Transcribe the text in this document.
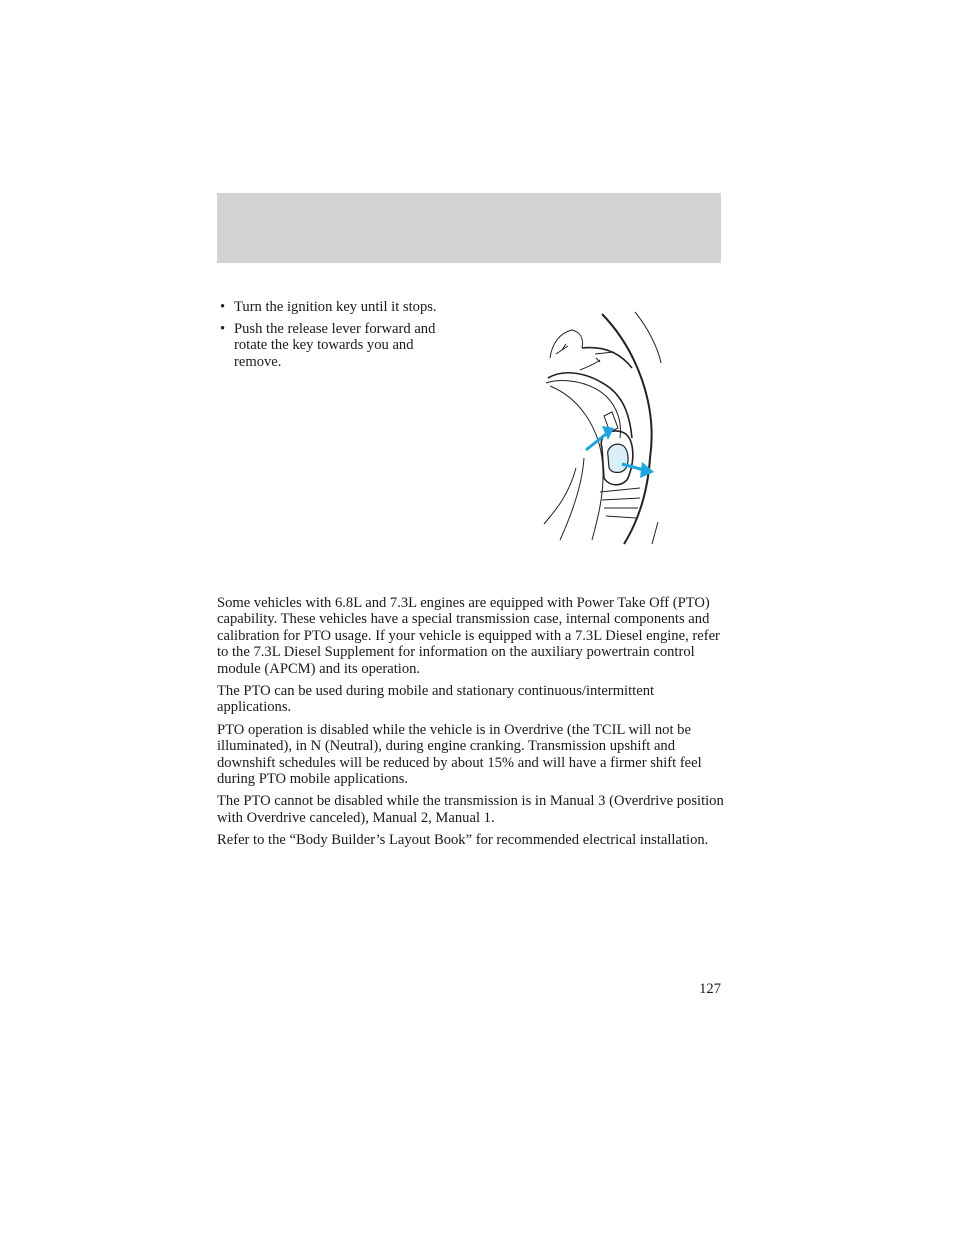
• Turn the ignition key until it stops.
• Push the release lever forward and rotate the key towards you and remove.

Some vehicles with 6.8L and 7.3L engines are equipped with Power Take Off (PTO) capability. These vehicles have a special transmission case, internal components and calibration for PTO usage. If your vehicle is equipped with a 7.3L Diesel engine, refer to the 7.3L Diesel Supplement for information on the auxiliary powertrain control module (APCM) and its operation.

The PTO can be used during mobile and stationary continuous/intermittent applications.

PTO operation is disabled while the vehicle is in Overdrive (the TCIL will not be illuminated), in N (Neutral), during engine cranking. Transmission upshift and downshift schedules will be reduced by about 15% and will have a firmer shift feel during PTO mobile applications.

The PTO cannot be disabled while the transmission is in Manual 3 (Overdrive position with Overdrive canceled), Manual 2, Manual 1.

Refer to the “Body Builder’s Layout Book” for recommended electrical installation.

127
